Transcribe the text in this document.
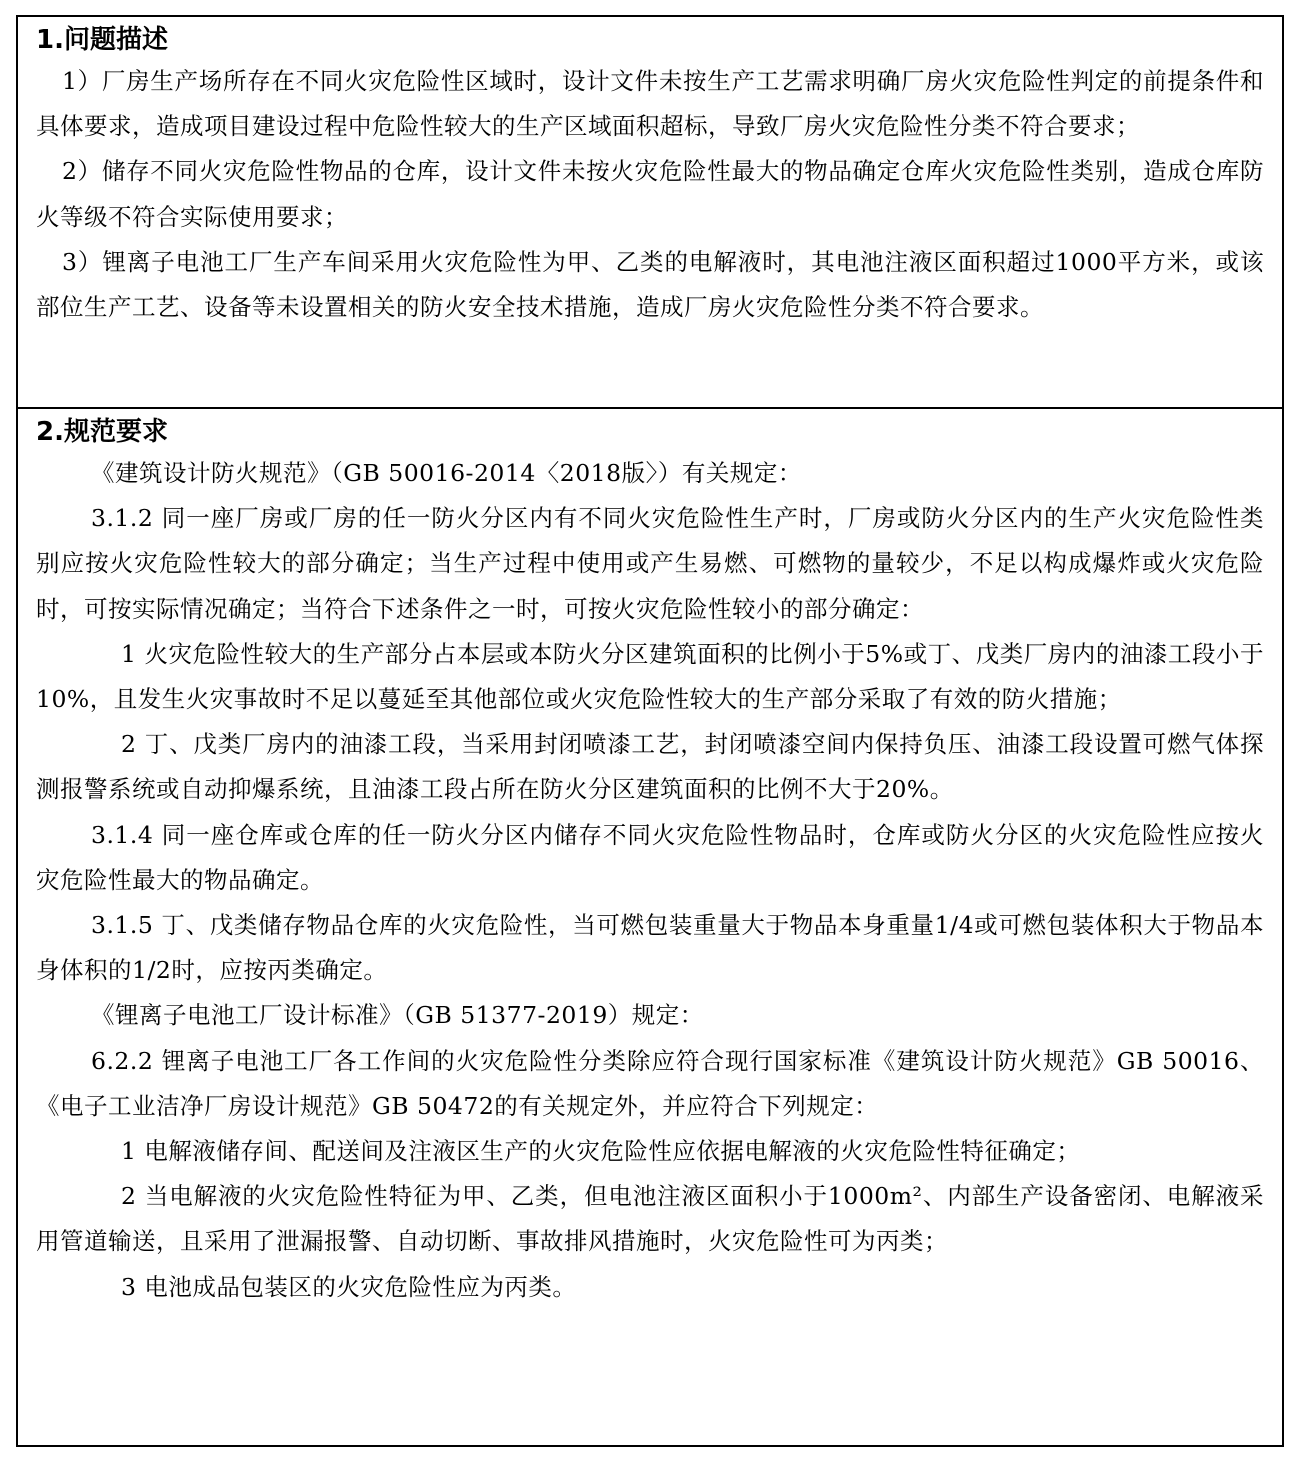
1.问题描述

1）厂房生产场所存在不同火灾危险性区域时，设计文件未按生产工艺需求明确厂房火灾危险性判定的前提条件和具体要求，造成项目建设过程中危险性较大的生产区域面积超标，导致厂房火灾危险性分类不符合要求；

2）储存不同火灾危险性物品的仓库，设计文件未按火灾危险性最大的物品确定仓库火灾危险性类别，造成仓库防火等级不符合实际使用要求；

3）锂离子电池工厂生产车间采用火灾危险性为甲、乙类的电解液时，其电池注液区面积超过1000平方米，或该部位生产工艺、设备等未设置相关的防火安全技术措施，造成厂房火灾危险性分类不符合要求。

2.规范要求

《建筑设计防火规范》（GB 50016-2014〈2018版〉）有关规定：

3.1.2 同一座厂房或厂房的任一防火分区内有不同火灾危险性生产时，厂房或防火分区内的生产火灾危险性类别应按火灾危险性较大的部分确定；当生产过程中使用或产生易燃、可燃物的量较少，不足以构成爆炸或火灾危险时，可按实际情况确定；当符合下述条件之一时，可按火灾危险性较小的部分确定：

1 火灾危险性较大的生产部分占本层或本防火分区建筑面积的比例小于5%或丁、戊类厂房内的油漆工段小于10%，且发生火灾事故时不足以蔓延至其他部位或火灾危险性较大的生产部分采取了有效的防火措施；

2 丁、戊类厂房内的油漆工段，当采用封闭喷漆工艺，封闭喷漆空间内保持负压、油漆工段设置可燃气体探测报警系统或自动抑爆系统，且油漆工段占所在防火分区建筑面积的比例不大于20%。

3.1.4 同一座仓库或仓库的任一防火分区内储存不同火灾危险性物品时，仓库或防火分区的火灾危险性应按火灾危险性最大的物品确定。

3.1.5 丁、戊类储存物品仓库的火灾危险性，当可燃包装重量大于物品本身重量1/4或可燃包装体积大于物品本身体积的1/2时，应按丙类确定。

《锂离子电池工厂设计标准》（GB 51377-2019）规定：

6.2.2 锂离子电池工厂各工作间的火灾危险性分类除应符合现行国家标准《建筑设计防火规范》GB 50016、《电子工业洁净厂房设计规范》GB 50472的有关规定外，并应符合下列规定：

1 电解液储存间、配送间及注液区生产的火灾危险性应依据电解液的火灾危险性特征确定；

2 当电解液的火灾危险性特征为甲、乙类，但电池注液区面积小于1000m²、内部生产设备密闭、电解液采用管道输送，且采用了泄漏报警、自动切断、事故排风措施时，火灾危险性可为丙类；

3 电池成品包装区的火灾危险性应为丙类。
